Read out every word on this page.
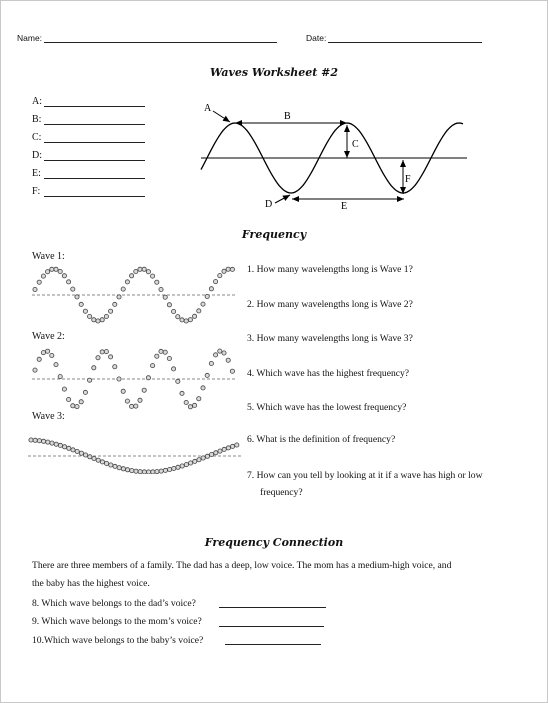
Name:	Date:
Waves Worksheet #2
A:
B:
C:
D:
E:
F:
A
B
C
D	E
F
Frequency
Wave 1:
Wave 2:
Wave 3:
1. How many wavelengths long is Wave 1?
2. How many wavelengths long is Wave 2?
3. How many wavelengths long is Wave 3?
4. Which wave has the highest frequency?
5. Which wave has the lowest frequency?
6. What is the definition of frequency?
7. How can you tell by looking at it if a wave has high or low
frequency?
Frequency Connection
There are three members of a family. The dad has a deep, low voice. The mom has a medium-high voice, and
the baby has the highest voice.
8. Which wave belongs to the dad’s voice?
9. Which wave belongs to the mom’s voice?
10.Which wave belongs to the baby’s voice?
